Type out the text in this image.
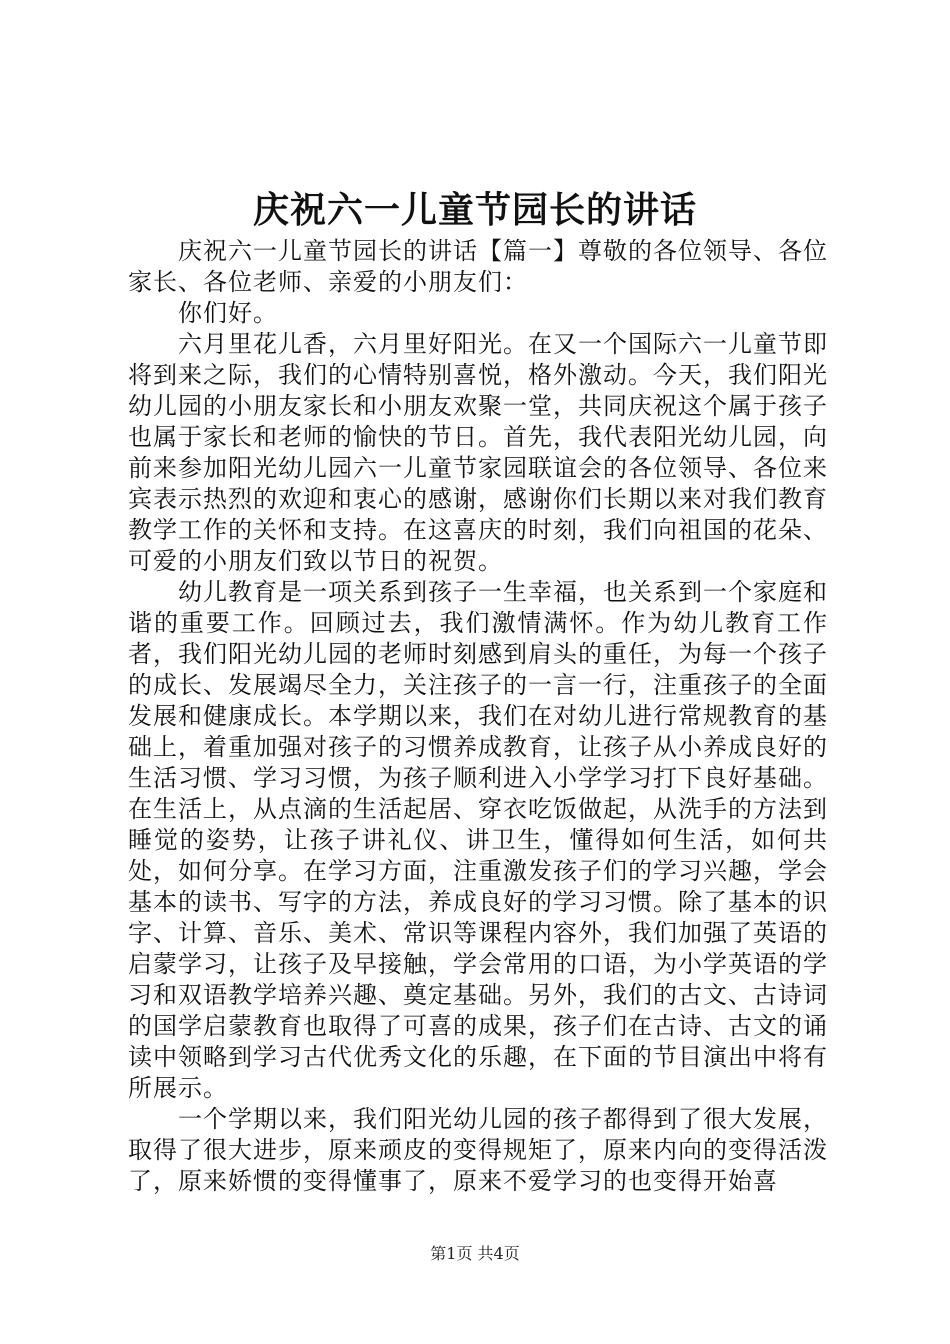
庆祝六一儿童节园长的讲话

庆祝六一儿童节园长的讲话【篇一】尊敬的各位领导、各位家长、各位老师、亲爱的小朋友们：

你们好。

六月里花儿香，六月里好阳光。在又一个国际六一儿童节即将到来之际，我们的心情特别喜悦，格外激动。今天，我们阳光幼儿园的小朋友家长和小朋友欢聚一堂，共同庆祝这个属于孩子也属于家长和老师的愉快的节日。首先，我代表阳光幼儿园，向前来参加阳光幼儿园六一儿童节家园联谊会的各位领导、各位来宾表示热烈的欢迎和衷心的感谢，感谢你们长期以来对我们教育教学工作的关怀和支持。在这喜庆的时刻，我们向祖国的花朵、可爱的小朋友们致以节日的祝贺。

幼儿教育是一项关系到孩子一生幸福，也关系到一个家庭和谐的重要工作。回顾过去，我们激情满怀。作为幼儿教育工作者，我们阳光幼儿园的老师时刻感到肩头的重任，为每一个孩子的成长、发展竭尽全力，关注孩子的一言一行，注重孩子的全面发展和健康成长。本学期以来，我们在对幼儿进行常规教育的基础上，着重加强对孩子的习惯养成教育，让孩子从小养成良好的生活习惯、学习习惯，为孩子顺利进入小学学习打下良好基础。在生活上，从点滴的生活起居、穿衣吃饭做起，从洗手的方法到睡觉的姿势，让孩子讲礼仪、讲卫生，懂得如何生活，如何共处，如何分享。在学习方面，注重激发孩子们的学习兴趣，学会基本的读书、写字的方法，养成良好的学习习惯。除了基本的识字、计算、音乐、美术、常识等课程内容外，我们加强了英语的启蒙学习，让孩子及早接触，学会常用的口语，为小学英语的学习和双语教学培养兴趣、奠定基础。另外，我们的古文、古诗词的国学启蒙教育也取得了可喜的成果，孩子们在古诗、古文的诵读中领略到学习古代优秀文化的乐趣，在下面的节目演出中将有所展示。

一个学期以来，我们阳光幼儿园的孩子都得到了很大发展，取得了很大进步，原来顽皮的变得规矩了，原来内向的变得活泼了，原来娇惯的变得懂事了，原来不爱学习的也变得开始喜

第1页 共4页
